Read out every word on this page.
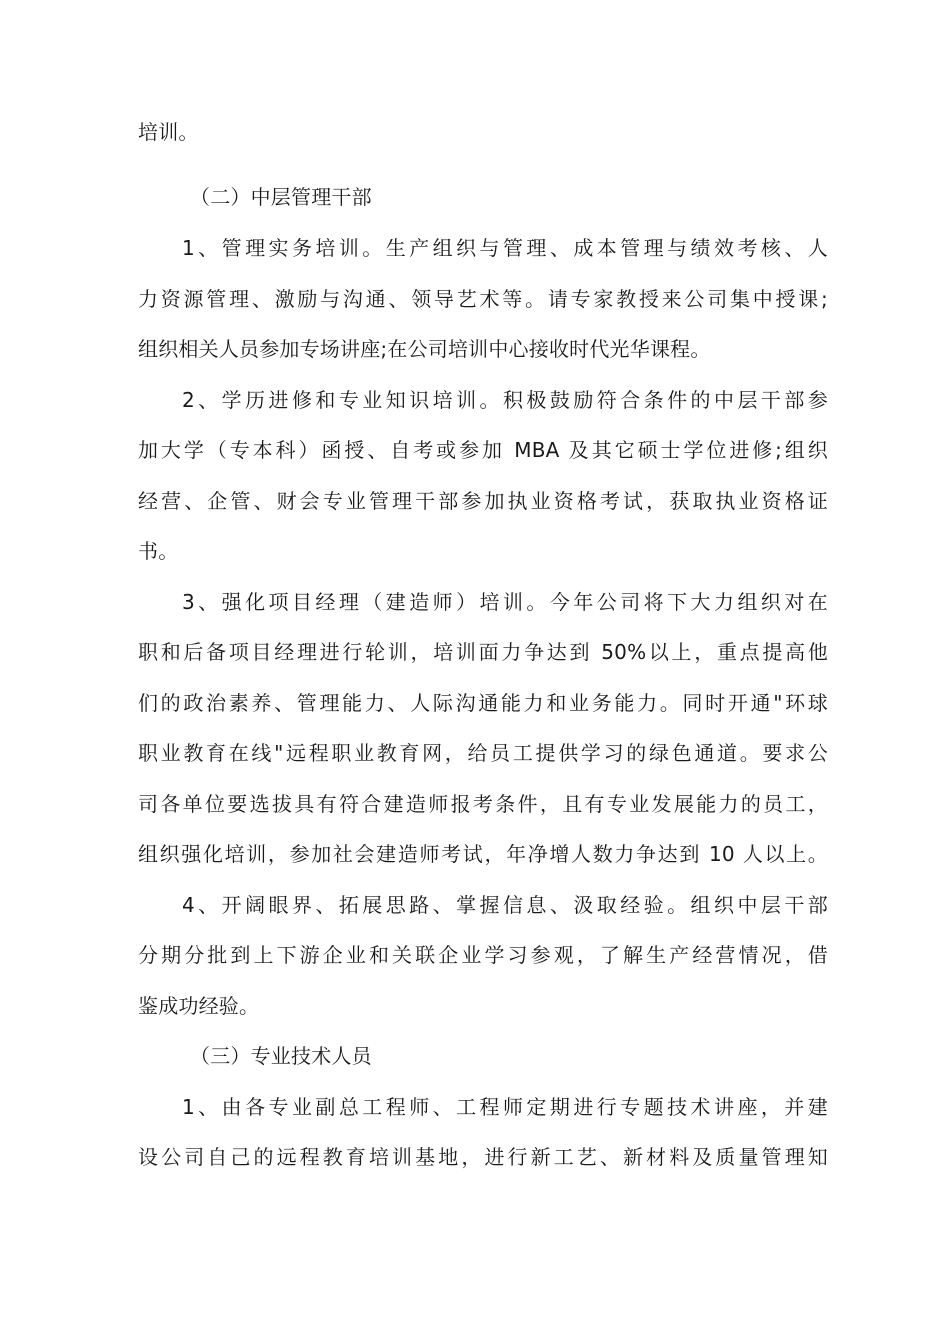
培训。
（二）中层管理干部
1、管理实务培训。生产组织与管理、成本管理与绩效考核、人
力资源管理、激励与沟通、领导艺术等。请专家教授来公司集中授课;
组织相关人员参加专场讲座;在公司培训中心接收时代光华课程。
2、学历进修和专业知识培训。积极鼓励符合条件的中层干部参
加大学（专本科）函授、自考或参加 MBA 及其它硕士学位进修;组织
经营、企管、财会专业管理干部参加执业资格考试，获取执业资格证
书。
3、强化项目经理（建造师）培训。今年公司将下大力组织对在
职和后备项目经理进行轮训，培训面力争达到 50%以上，重点提高他
们的政治素养、管理能力、人际沟通能力和业务能力。同时开通"环球
职业教育在线"远程职业教育网，给员工提供学习的绿色通道。要求公
司各单位要选拔具有符合建造师报考条件，且有专业发展能力的员工，
组织强化培训，参加社会建造师考试，年净增人数力争达到 10 人以上。
4、开阔眼界、拓展思路、掌握信息、汲取经验。组织中层干部
分期分批到上下游企业和关联企业学习参观，了解生产经营情况，借
鉴成功经验。
（三）专业技术人员
1、由各专业副总工程师、工程师定期进行专题技术讲座，并建
设公司自己的远程教育培训基地，进行新工艺、新材料及质量管理知
